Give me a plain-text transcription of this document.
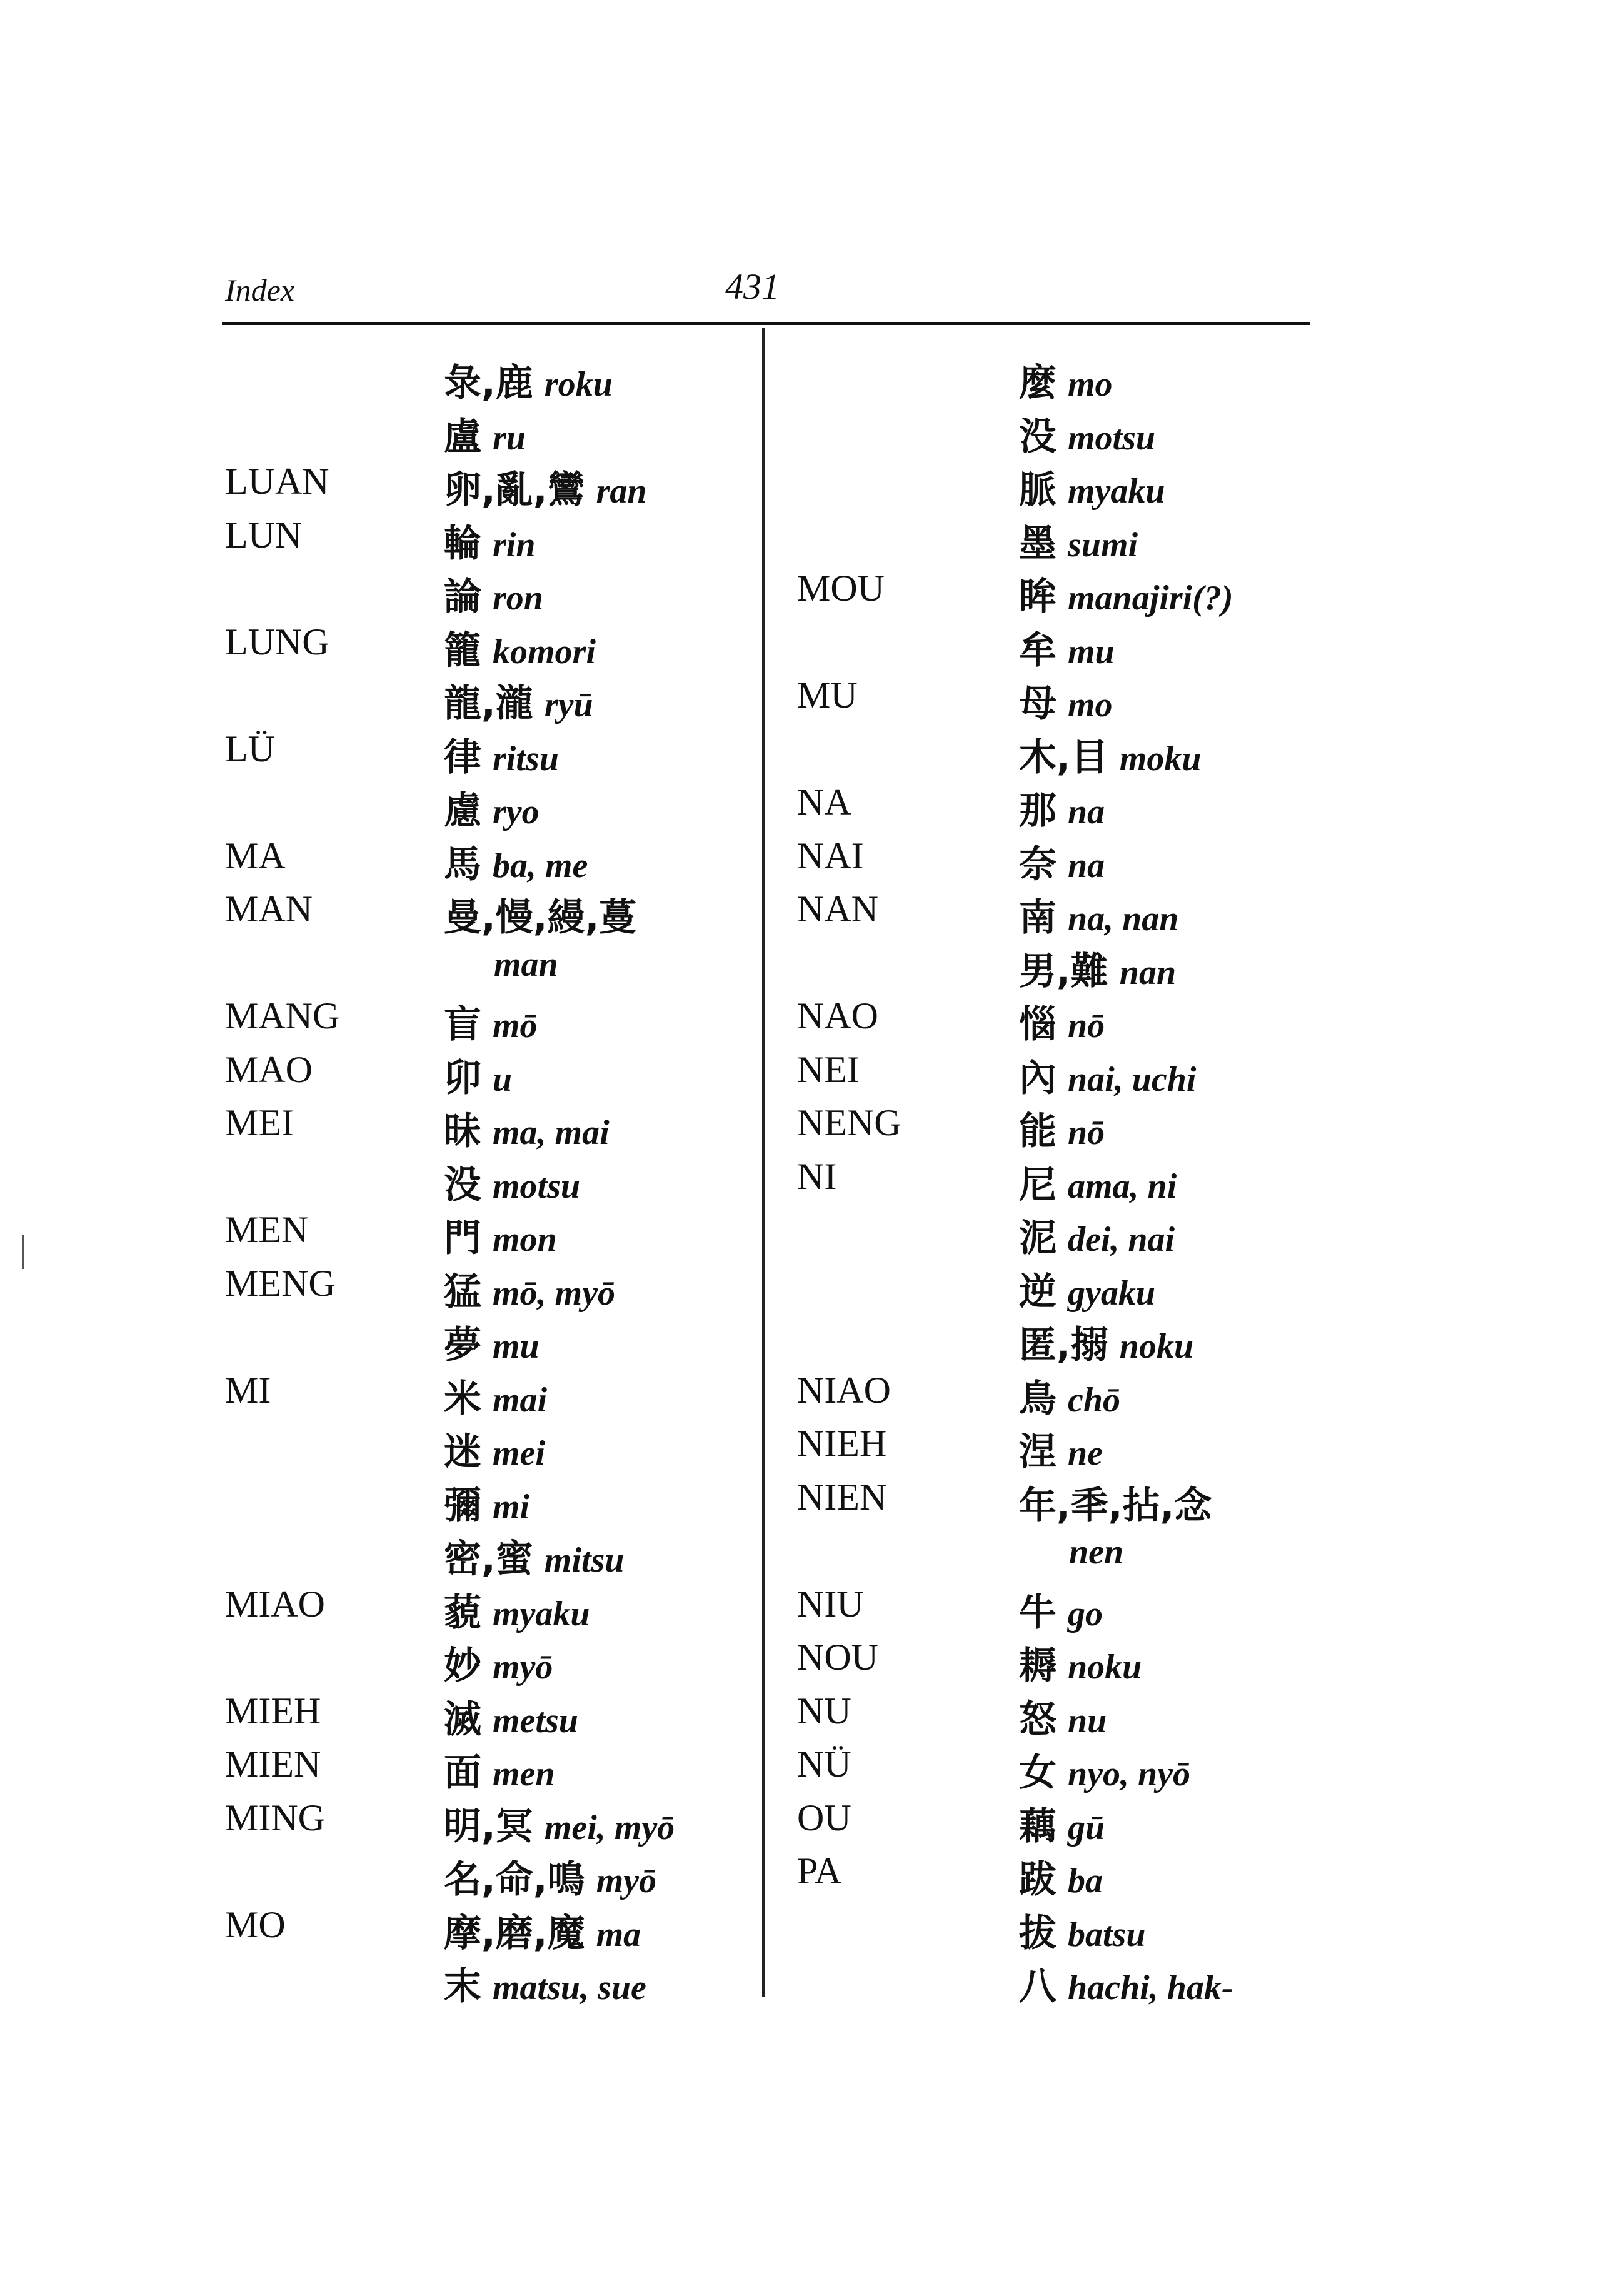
Index	431
彔,鹿 roku
盧 ru
LUAN	卵,亂,鸞 ran
LUN	輪 rin
論 ron
LUNG	籠 komori
龍,瀧 ryū
LÜ	律 ritsu
慮 ryo
MA	馬 ba, me
MAN	曼,慢,縵,蔓
man
MANG	盲 mō
MAO	卯 u
MEI	昧 ma, mai
没 motsu
MEN	門 mon
MENG	猛 mō, myō
夢 mu
MI	米 mai
迷 mei
彌 mi
密,蜜 mitsu
MIAO	藐 myaku
妙 myō
MIEH	滅 metsu
MIEN	面 men
MING	明,冥 mei, myō
名,命,鳴 myō
MO	摩,磨,魔 ma
末 matsu, sue
麼 mo
没 motsu
脈 myaku
墨 sumi
MOU	眸 manajiri(?)
牟 mu
MU	母 mo
木,目 moku
NA	那 na
NAI	奈 na
NAN	南 na, nan
男,難 nan
NAO	惱 nō
NEI	內 nai, uchi
NENG	能 nō
NI	尼 ama, ni
泥 dei, nai
逆 gyaku
匿,搦 noku
NIAO	鳥 chō
NIEH	涅 ne
NIEN	年,秊,拈,念
nen
NIU	牛 go
NOU	耨 noku
NU	怒 nu
NÜ	女 nyo, nyō
OU	藕 gū
PA	跋 ba
拔 batsu
八 hachi, hak-
